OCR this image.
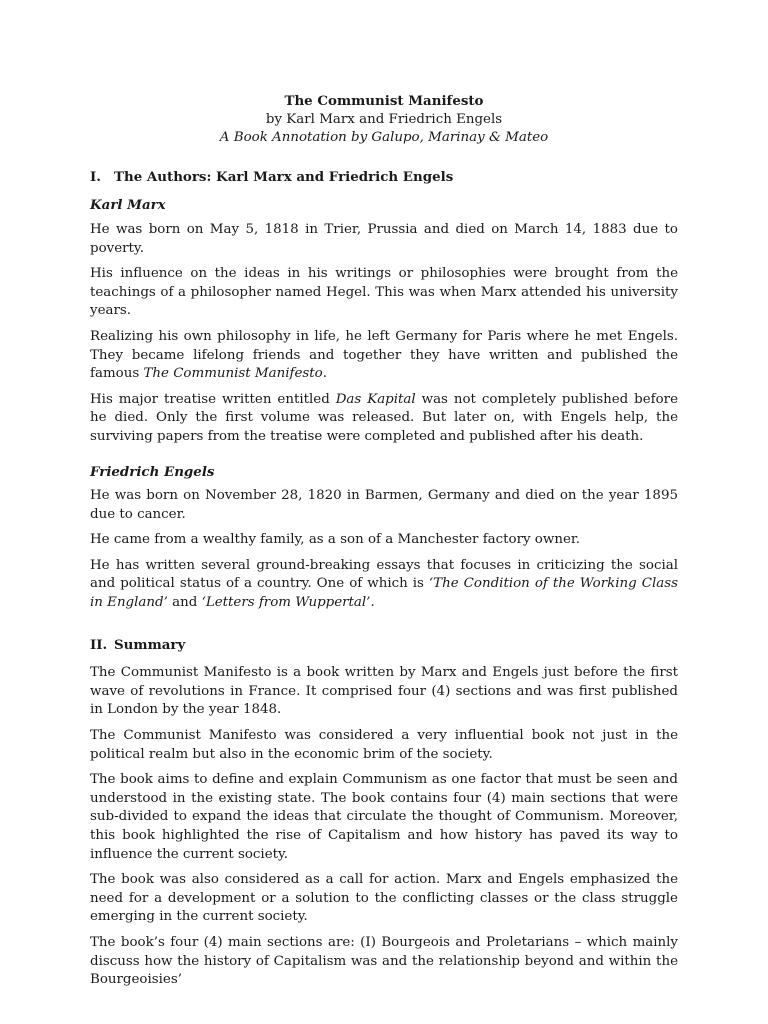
The Communist Manifesto
by Karl Marx and Friedrich Engels
A Book Annotation by Galupo, Marinay & Mateo
I. The Authors: Karl Marx and Friedrich Engels
Karl Marx

He was born on May 5, 1818 in Trier, Prussia and died on March 14, 1883 due to poverty.

His influence on the ideas in his writings or philosophies were brought from the teachings of a philosopher named Hegel. This was when Marx attended his university years.

Realizing his own philosophy in life, he left Germany for Paris where he met Engels. They became lifelong friends and together they have written and published the famous The Communist Manifesto.

His major treatise written entitled Das Kapital was not completely published before he died. Only the first volume was released. But later on, with Engels help, the surviving papers from the treatise were completed and published after his death.

Friedrich Engels

He was born on November 28, 1820 in Barmen, Germany and died on the year 1895 due to cancer.

He came from a wealthy family, as a son of a Manchester factory owner.

He has written several ground-breaking essays that focuses in criticizing the social and political status of a country. One of which is ‘The Condition of the Working Class in England’ and ‘Letters from Wuppertal’.

II. Summary

The Communist Manifesto is a book written by Marx and Engels just before the first wave of revolutions in France. It comprised four (4) sections and was first published in London by the year 1848.

The Communist Manifesto was considered a very influential book not just in the political realm but also in the economic brim of the society.

The book aims to define and explain Communism as one factor that must be seen and understood in the existing state. The book contains four (4) main sections that were sub-divided to expand the ideas that circulate the thought of Communism. Moreover, this book highlighted the rise of Capitalism and how history has paved its way to influence the current society.

The book was also considered as a call for action. Marx and Engels emphasized the need for a development or a solution to the conflicting classes or the class struggle emerging in the current society.

The book’s four (4) main sections are: (I) Bourgeois and Proletarians – which mainly discuss how the history of Capitalism was and the relationship beyond and within the Bourgeoisies’
